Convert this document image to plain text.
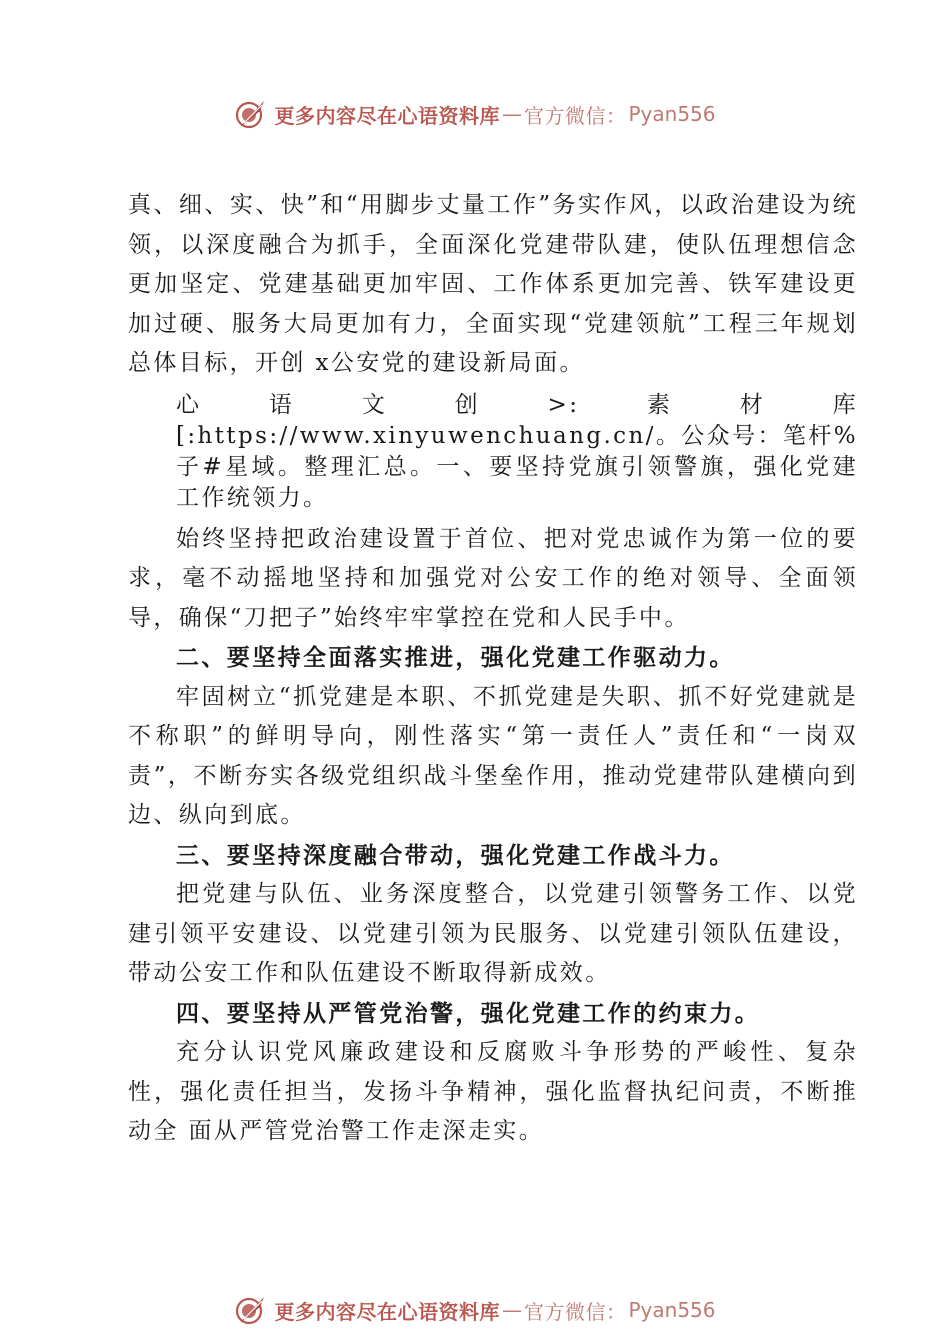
更多内容尽在心语资料库 — 官方微信： Pyan556

真、细、实、快”和“用脚步丈量工作”务实作风，以政治建设为统领，以深度融合为抓手，全面深化党建带队建，使队伍理想信念更加坚定、党建基础更加牢固、工作体系更加完善、铁军建设更加过硬、服务大局更加有力，全面实现“党建领航”工程三年规划总体目标，开创 x公安党的建设新局面。

心语文创>:素材库[:https://www.xinyuwenchuang.cn/。公众号：笔杆%子#星域。整理汇总。一、要坚持党旗引领警旗，强化党建工作统领力。

始终坚持把政治建设置于首位、把对党忠诚作为第一位的要求，毫不动摇地坚持和加强党对公安工作的绝对领导、全面领导，确保“刀把子”始终牢牢掌控在党和人民手中。

二、要坚持全面落实推进，强化党建工作驱动力。

牢固树立“抓党建是本职、不抓党建是失职、抓不好党建就是不称职”的鲜明导向，刚性落实“第一责任人”责任和“一岗双责”，不断夯实各级党组织战斗堡垒作用，推动党建带队建横向到边、纵向到底。

三、要坚持深度融合带动，强化党建工作战斗力。

把党建与队伍、业务深度整合，以党建引领警务工作、以党建引领平安建设、以党建引领为民服务、以党建引领队伍建设， 带动公安工作和队伍建设不断取得新成效。

四、要坚持从严管党治警，强化党建工作的约束力。

充分认识党风廉政建设和反腐败斗争形势的严峻性、复杂性，强化责任担当，发扬斗争精神，强化监督执纪问责，不断推动全 面从严管党治警工作走深走实。

更多内容尽在心语资料库 — 官方微信： Pyan556
